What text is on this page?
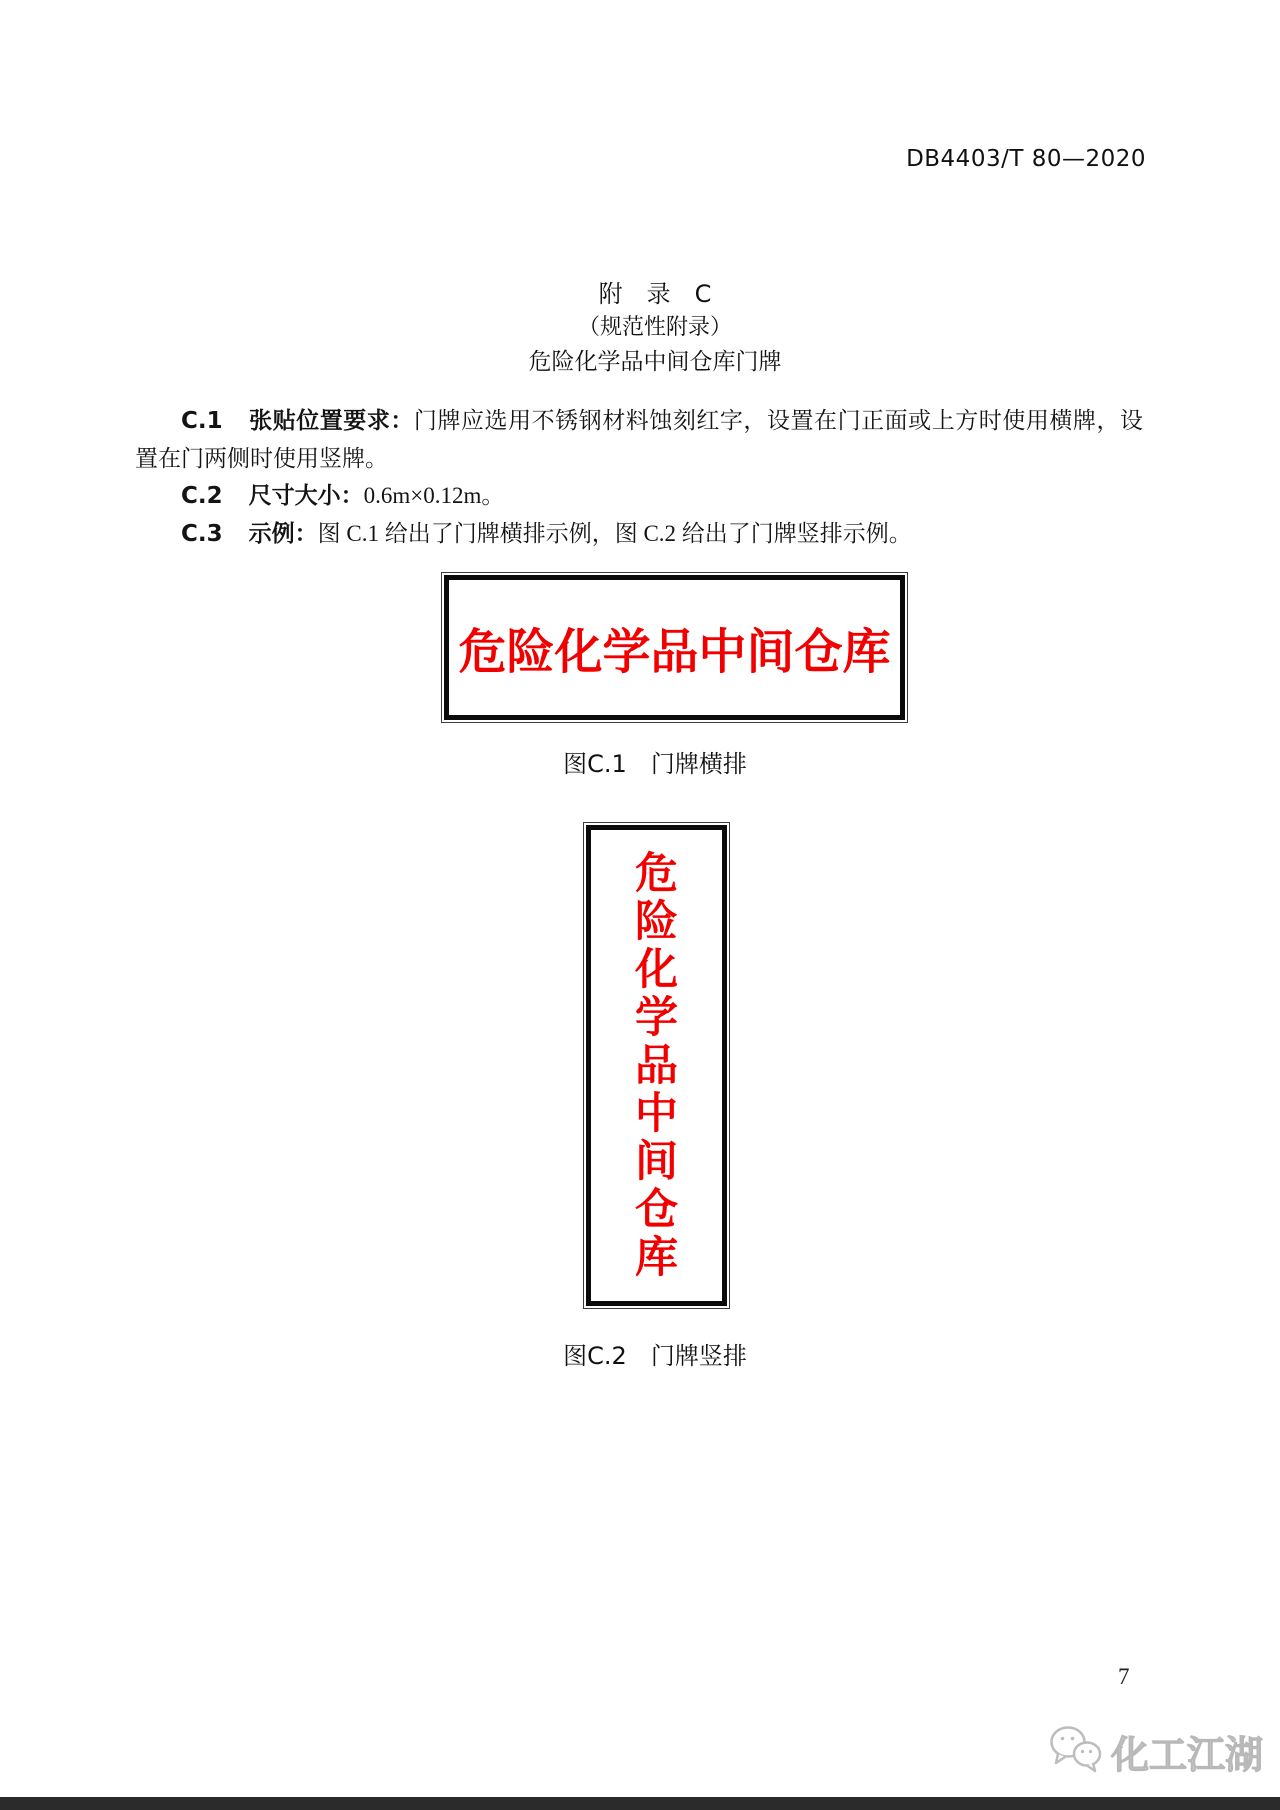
DB4403/T 80—2020
附　录　C
（规范性附录）
危险化学品中间仓库门牌

C.1 张贴位置要求：门牌应选用不锈钢材料蚀刻红字，设置在门正面或上方时使用横牌，设置在门两侧时使用竖牌。

C.2 尺寸大小：0.6m×0.12m。

C.3 示例：图 C.1 给出了门牌横排示例，图 C.2 给出了门牌竖排示例。

危险化学品中间仓库
图C.1　门牌横排
危
险
化
学
品
中
间
仓
库
图C.2　门牌竖排
7
化工江湖
